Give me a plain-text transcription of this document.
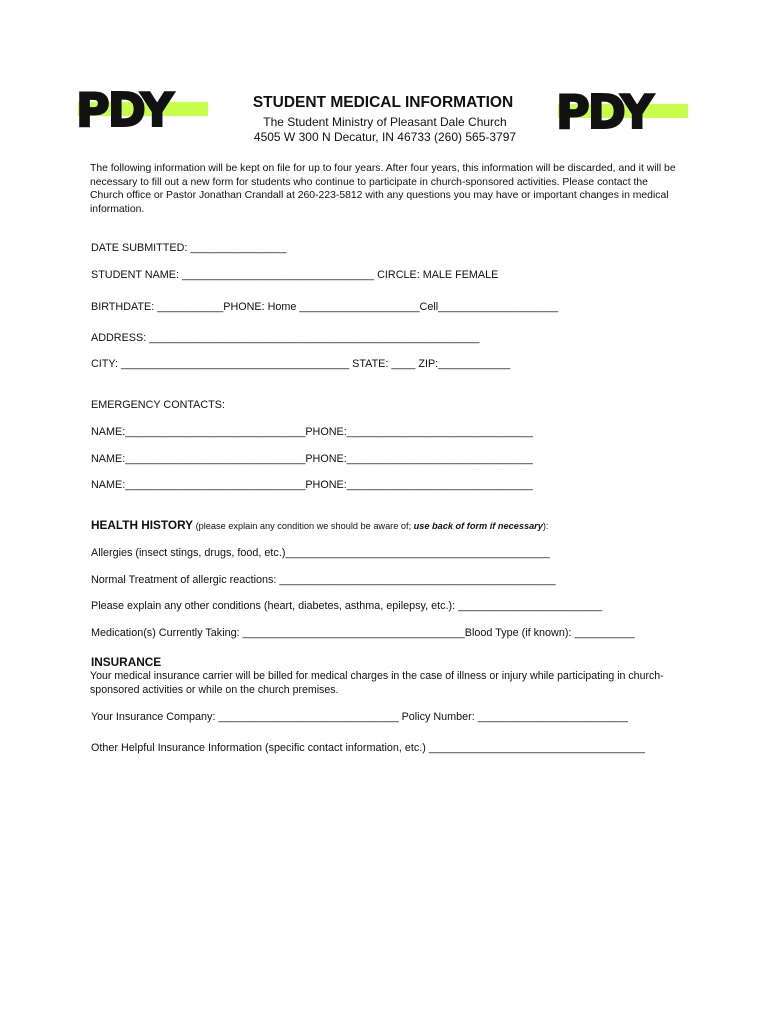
PDY	PDY
STUDENT MEDICAL INFORMATION
The Student Ministry of Pleasant Dale Church
4505 W 300 N Decatur, IN 46733 (260) 565-3797
The following information will be kept on file for up to four years. After four years, this information will be discarded, and it will be necessary to fill out a new form for students who continue to participate in church-sponsored activities. Please contact the Church office or Pastor Jonathan Crandall at 260-223-5812 with any questions you may have or important changes in medical information.
DATE SUBMITTED: ________________
STUDENT NAME: ________________________________ CIRCLE: MALE FEMALE
BIRTHDATE: ___________PHONE: Home ____________________Cell____________________
ADDRESS: _______________________________________________________
CITY: ______________________________________ STATE: ____ ZIP:____________
EMERGENCY CONTACTS:
NAME:______________________________PHONE:_______________________________
NAME:______________________________PHONE:_______________________________
NAME:______________________________PHONE:_______________________________
HEALTH HISTORY (please explain any condition we should be aware of; use back of form if necessary):
Allergies (insect stings, drugs, food, etc.)____________________________________________
Normal Treatment of allergic reactions: ______________________________________________
Please explain any other conditions (heart, diabetes, asthma, epilepsy, etc.): ________________________
Medication(s) Currently Taking: _____________________________________Blood Type (if known): __________
INSURANCE
Your medical insurance carrier will be billed for medical charges in the case of illness or injury while participating in church-sponsored activities or while on the church premises.
Your Insurance Company: ______________________________ Policy Number: _________________________
Other Helpful Insurance Information (specific contact information, etc.) ____________________________________
